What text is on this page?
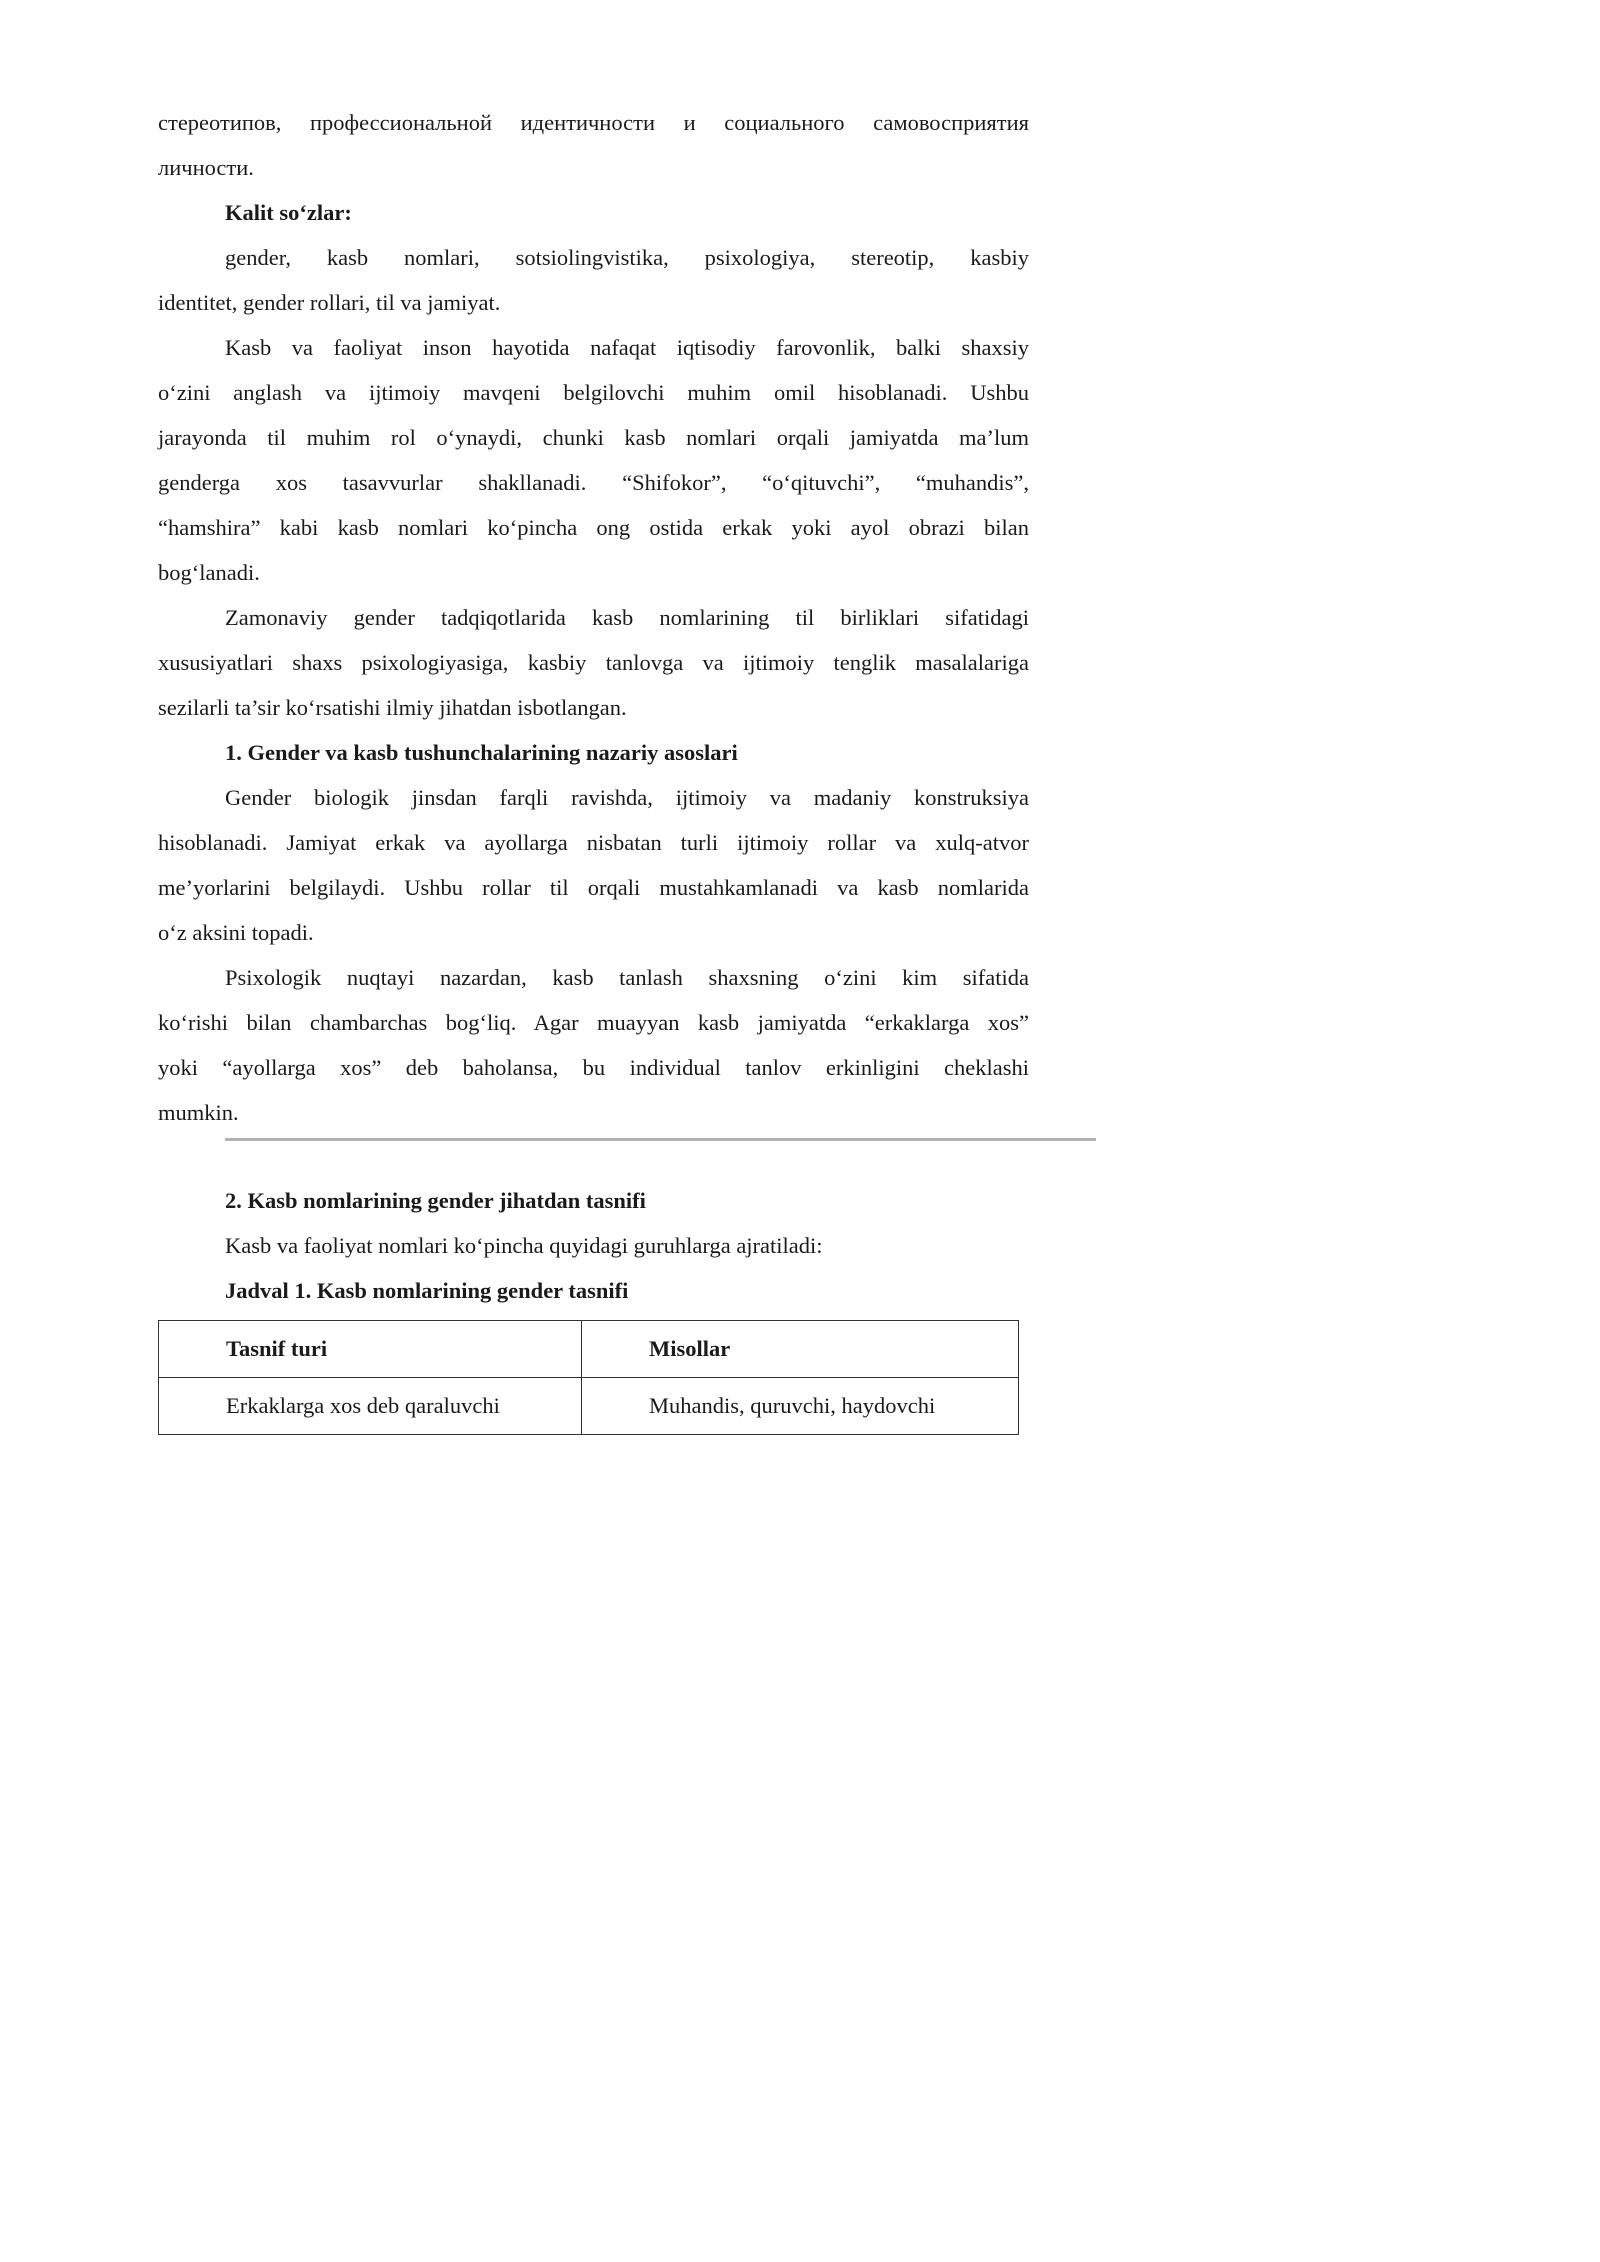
стереотипов, профессиональной идентичности и социального самовосприятия
личности.
Kalit so‘zlar:
gender, kasb nomlari, sotsiolingvistika, psixologiya, stereotip, kasbiy
identitet, gender rollari, til va jamiyat.
Kasb va faoliyat inson hayotida nafaqat iqtisodiy farovonlik, balki shaxsiy
o‘zini anglash va ijtimoiy mavqeni belgilovchi muhim omil hisoblanadi. Ushbu
jarayonda til muhim rol o‘ynaydi, chunki kasb nomlari orqali jamiyatda ma’lum
genderga xos tasavvurlar shakllanadi. “Shifokor”, “o‘qituvchi”, “muhandis”,
“hamshira” kabi kasb nomlari ko‘pincha ong ostida erkak yoki ayol obrazi bilan
bog‘lanadi.
Zamonaviy gender tadqiqotlarida kasb nomlarining til birliklari sifatidagi
xususiyatlari shaxs psixologiyasiga, kasbiy tanlovga va ijtimoiy tenglik masalalariga
sezilarli ta’sir ko‘rsatishi ilmiy jihatdan isbotlangan.
1. Gender va kasb tushunchalarining nazariy asoslari
Gender biologik jinsdan farqli ravishda, ijtimoiy va madaniy konstruksiya
hisoblanadi. Jamiyat erkak va ayollarga nisbatan turli ijtimoiy rollar va xulq-atvor
me’yorlarini belgilaydi. Ushbu rollar til orqali mustahkamlanadi va kasb nomlarida
o‘z aksini topadi.
Psixologik nuqtayi nazardan, kasb tanlash shaxsning o‘zini kim sifatida
ko‘rishi bilan chambarchas bog‘liq. Agar muayyan kasb jamiyatda “erkaklarga xos”
yoki “ayollarga xos” deb baholansa, bu individual tanlov erkinligini cheklashi
mumkin.
2. Kasb nomlarining gender jihatdan tasnifi
Kasb va faoliyat nomlari ko‘pincha quyidagi guruhlarga ajratiladi:
Jadval 1. Kasb nomlarining gender tasnifi
Tasnif turi	Misollar
Erkaklarga xos deb qaraluvchi	Muhandis, quruvchi, haydovchi
